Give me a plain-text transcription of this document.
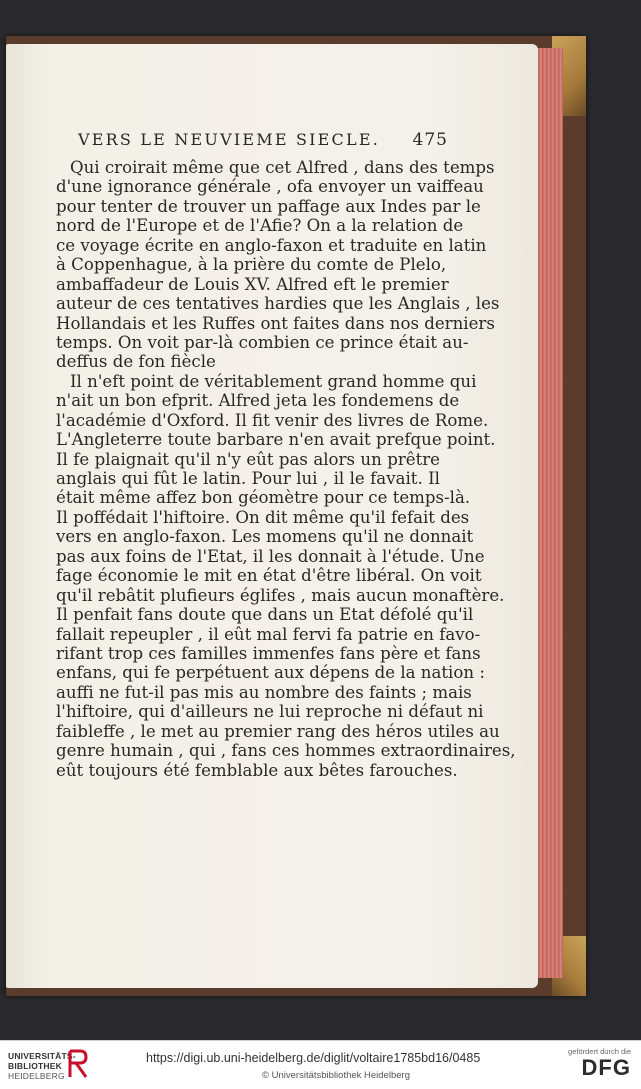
VERS LE NEUVIEME SIECLE. 475
Qui croirait même que cet Alfred , dans des temps
d'une ignorance générale , ofa envoyer un vaiffeau
pour tenter de trouver un paffage aux Indes par le
nord de l'Europe et de l'Afie? On a la relation de
ce voyage écrite en anglo-faxon et traduite en latin
à Coppenhague, à la prière du comte de Plelo,
ambaffadeur de Louis XV. Alfred eft le premier
auteur de ces tentatives hardies que les Anglais , les
Hollandais et les Ruffes ont faites dans nos derniers
temps. On voit par-là combien ce prince était au-
deffus de fon fiècle
Il n'eft point de véritablement grand homme qui
n'ait un bon efprit. Alfred jeta les fondemens de
l'académie d'Oxford. Il fit venir des livres de Rome.
L'Angleterre toute barbare n'en avait prefque point.
Il fe plaignait qu'il n'y eût pas alors un prêtre
anglais qui fût le latin. Pour lui , il le favait. Il
était même affez bon géomètre pour ce temps-là.
Il poffédait l'hiftoire. On dit même qu'il fefait des
vers en anglo-faxon. Les momens qu'il ne donnait
pas aux foins de l'Etat, il les donnait à l'étude. Une
fage économie le mit en état d'être libéral. On voit
qu'il rebâtit plufieurs églifes , mais aucun monaftère.
Il penfait fans doute que dans un Etat défolé qu'il
fallait repeupler , il eût mal fervi fa patrie en favo-
rifant trop ces familles immenfes fans père et fans
enfans, qui fe perpétuent aux dépens de la nation :
auffi ne fut-il pas mis au nombre des faints ; mais
l'hiftoire, qui d'ailleurs ne lui reproche ni défaut ni
faibleffe , le met au premier rang des héros utiles au
genre humain , qui , fans ces hommes extraordinaires,
eût toujours été femblable aux bêtes farouches.
UNIVERSITÄTS-
BIBLIOTHEK
HEIDELBERG
https://digi.ub.uni-heidelberg.de/diglit/voltaire1785bd16/0485
© Universitätsbibliothek Heidelberg
gefördert durch die
DFG
